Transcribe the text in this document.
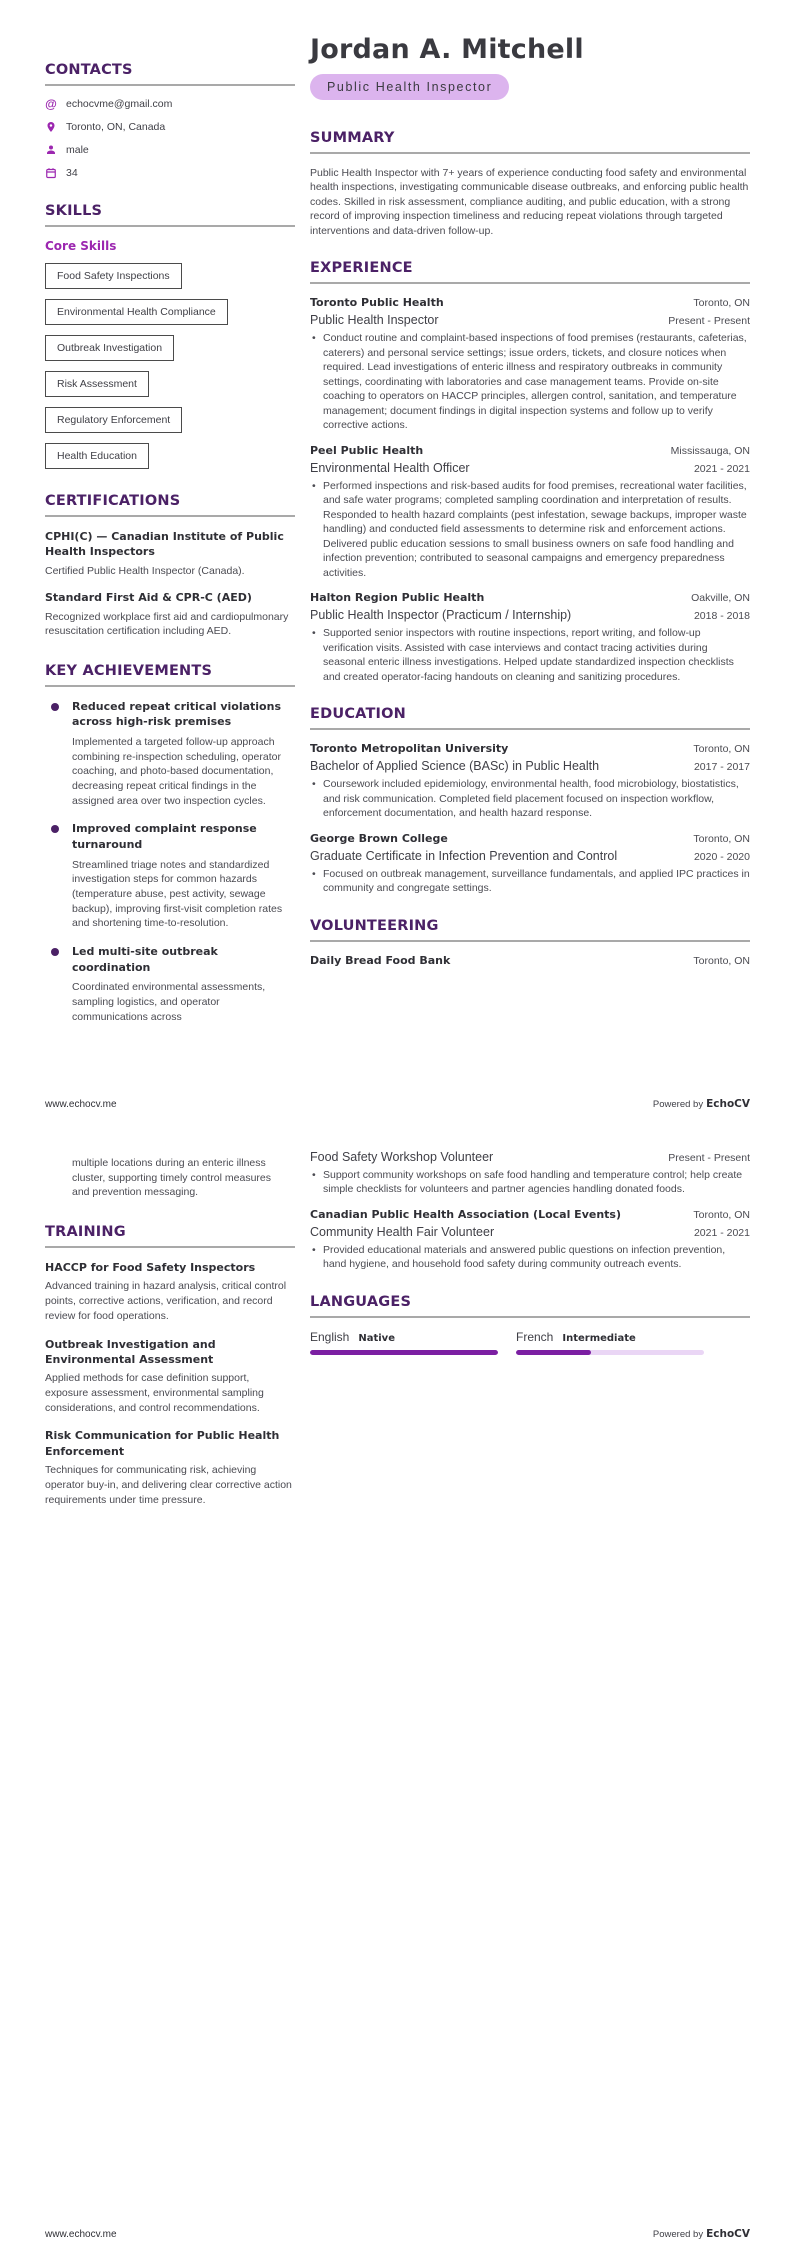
CONTACTS
@ echocvme@gmail.com
Toronto, ON, Canada
male
34
SKILLS
Core Skills
Food Safety Inspections
Environmental Health Compliance
Outbreak Investigation
Risk Assessment
Regulatory Enforcement
Health Education
CERTIFICATIONS
CPHI(C) — Canadian Institute of Public Health Inspectors
Certified Public Health Inspector (Canada).
Standard First Aid & CPR-C (AED)
Recognized workplace first aid and cardiopulmonary resuscitation certification including AED.
KEY ACHIEVEMENTS
Reduced repeat critical violations across high-risk premises
Implemented a targeted follow-up approach combining re-inspection scheduling, operator coaching, and photo-based documentation, decreasing repeat critical findings in the assigned area over two inspection cycles.
Improved complaint response turnaround
Streamlined triage notes and standardized investigation steps for common hazards (temperature abuse, pest activity, sewage backup), improving first-visit completion rates and shortening time-to-resolution.
Led multi-site outbreak coordination
Coordinated environmental assessments, sampling logistics, and operator communications across
Jordan A. Mitchell
Public Health Inspector
SUMMARY
Public Health Inspector with 7+ years of experience conducting food safety and environmental health inspections, investigating communicable disease outbreaks, and enforcing public health codes. Skilled in risk assessment, compliance auditing, and public education, with a strong record of improving inspection timeliness and reducing repeat violations through targeted interventions and data-driven follow-up.
EXPERIENCE
Toronto Public Health	Toronto, ON
Public Health Inspector	Present - Present
• Conduct routine and complaint-based inspections of food premises (restaurants, cafeterias, caterers) and personal service settings; issue orders, tickets, and closure notices when required. Lead investigations of enteric illness and respiratory outbreaks in community settings, coordinating with laboratories and case management teams. Provide on-site coaching to operators on HACCP principles, allergen control, sanitation, and temperature management; document findings in digital inspection systems and follow up to verify corrective actions.
Peel Public Health	Mississauga, ON
Environmental Health Officer	2021 - 2021
• Performed inspections and risk-based audits for food premises, recreational water facilities, and safe water programs; completed sampling coordination and interpretation of results. Responded to health hazard complaints (pest infestation, sewage backups, improper waste handling) and conducted field assessments to determine risk and enforcement actions. Delivered public education sessions to small business owners on safe food handling and infection prevention; contributed to seasonal campaigns and emergency preparedness activities.
Halton Region Public Health	Oakville, ON
Public Health Inspector (Practicum / Internship)	2018 - 2018
• Supported senior inspectors with routine inspections, report writing, and follow-up verification visits. Assisted with case interviews and contact tracing activities during seasonal enteric illness investigations. Helped update standardized inspection checklists and created operator-facing handouts on cleaning and sanitizing procedures.
EDUCATION
Toronto Metropolitan University	Toronto, ON
Bachelor of Applied Science (BASc) in Public Health	2017 - 2017
• Coursework included epidemiology, environmental health, food microbiology, biostatistics, and risk communication. Completed field placement focused on inspection workflow, enforcement documentation, and health hazard response.
George Brown College	Toronto, ON
Graduate Certificate in Infection Prevention and Control	2020 - 2020
• Focused on outbreak management, surveillance fundamentals, and applied IPC practices in community and congregate settings.
VOLUNTEERING
Daily Bread Food Bank	Toronto, ON
www.echocv.me	Powered by EchoCV
multiple locations during an enteric illness cluster, supporting timely control measures and prevention messaging.
TRAINING
HACCP for Food Safety Inspectors
Advanced training in hazard analysis, critical control points, corrective actions, verification, and record review for food operations.
Outbreak Investigation and Environmental Assessment
Applied methods for case definition support, exposure assessment, environmental sampling considerations, and control recommendations.
Risk Communication for Public Health Enforcement
Techniques for communicating risk, achieving operator buy-in, and delivering clear corrective action requirements under time pressure.
Food Safety Workshop Volunteer	Present - Present
• Support community workshops on safe food handling and temperature control; help create simple checklists for volunteers and partner agencies handling donated foods.
Canadian Public Health Association (Local Events)	Toronto, ON
Community Health Fair Volunteer	2021 - 2021
• Provided educational materials and answered public questions on infection prevention, hand hygiene, and household food safety during community outreach events.
LANGUAGES
English Native	French Intermediate
www.echocv.me	Powered by EchoCV
